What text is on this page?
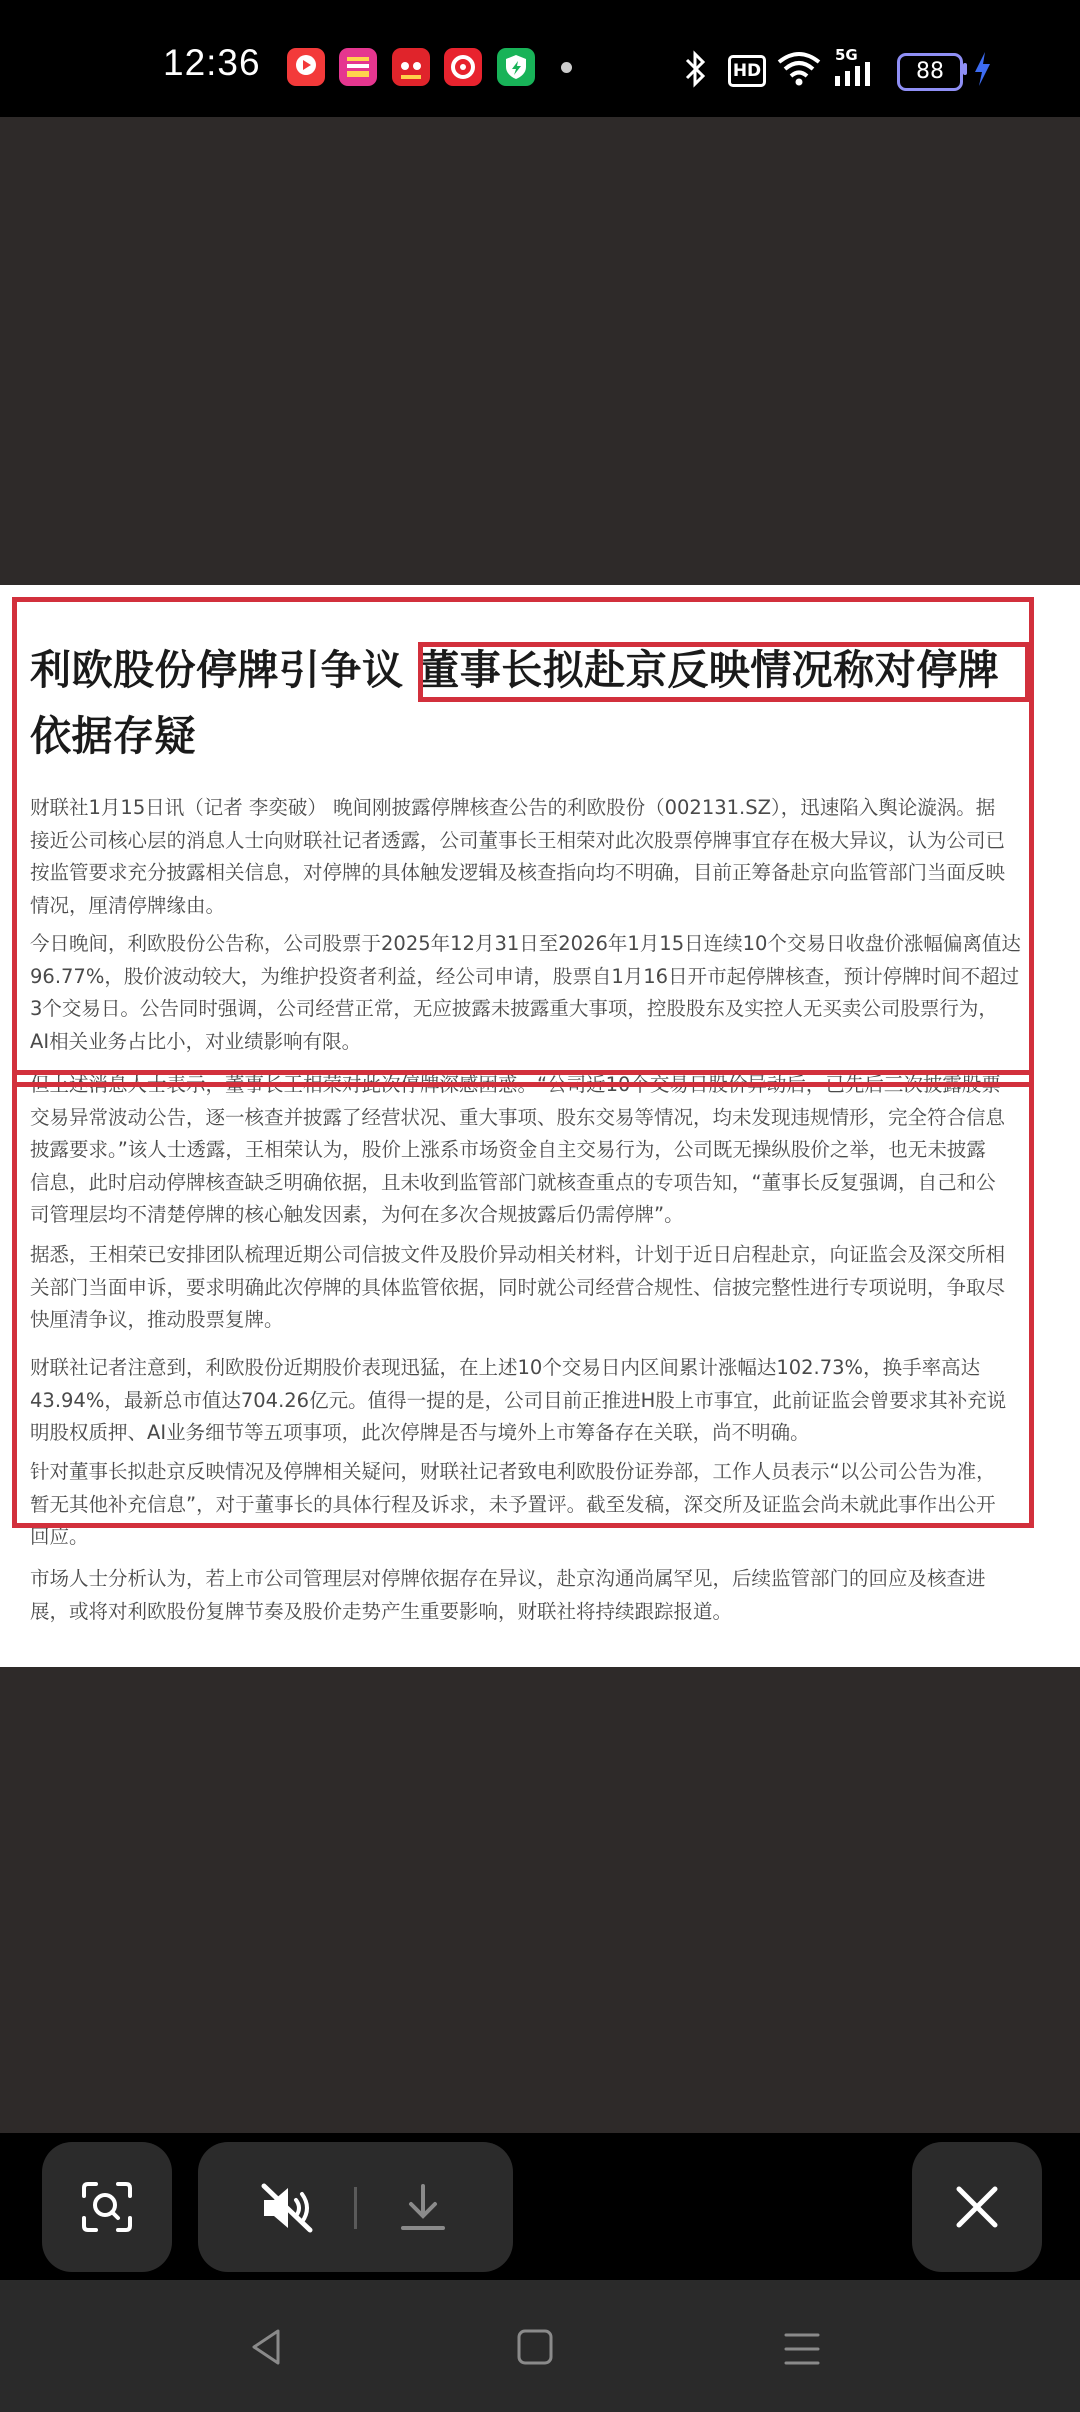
12:36	HD
5G
88
利欧股份停牌引争议 董事长拟赴京反映情况称对停牌
依据存疑
财联社1月15日讯（记者 李奕破） 晚间刚披露停牌核查公告的利欧股份（002131.SZ），迅速陷入舆论漩涡。据
接近公司核心层的消息人士向财联社记者透露，公司董事长王相荣对此次股票停牌事宜存在极大异议，认为公司已
按监管要求充分披露相关信息，对停牌的具体触发逻辑及核查指向均不明确，目前正筹备赴京向监管部门当面反映
情况，厘清停牌缘由。
今日晚间，利欧股份公告称，公司股票于2025年12月31日至2026年1月15日连续10个交易日收盘价涨幅偏离值达
96.77%，股价波动较大，为维护投资者利益，经公司申请，股票自1月16日开市起停牌核查，预计停牌时间不超过
3个交易日。公告同时强调，公司经营正常，无应披露未披露重大事项，控股股东及实控人无买卖公司股票行为，
AI相关业务占比小，对业绩影响有限。
但上述消息人士表示，董事长王相荣对此次停牌深感困惑。“公司近10个交易日股价异动后，已先后三次披露股票
交易异常波动公告，逐一核查并披露了经营状况、重大事项、股东交易等情况，均未发现违规情形，完全符合信息
披露要求。”该人士透露，王相荣认为，股价上涨系市场资金自主交易行为，公司既无操纵股价之举，也无未披露
信息，此时启动停牌核查缺乏明确依据，且未收到监管部门就核查重点的专项告知，“董事长反复强调，自己和公
司管理层均不清楚停牌的核心触发因素，为何在多次合规披露后仍需停牌”。
据悉，王相荣已安排团队梳理近期公司信披文件及股价异动相关材料，计划于近日启程赴京，向证监会及深交所相
关部门当面申诉，要求明确此次停牌的具体监管依据，同时就公司经营合规性、信披完整性进行专项说明，争取尽
快厘清争议，推动股票复牌。
财联社记者注意到，利欧股份近期股价表现迅猛，在上述10个交易日内区间累计涨幅达102.73%，换手率高达
43.94%，最新总市值达704.26亿元。值得一提的是，公司目前正推进H股上市事宜，此前证监会曾要求其补充说
明股权质押、AI业务细节等五项事项，此次停牌是否与境外上市筹备存在关联，尚不明确。
针对董事长拟赴京反映情况及停牌相关疑问，财联社记者致电利欧股份证券部，工作人员表示“以公司公告为准，
暂无其他补充信息”，对于董事长的具体行程及诉求，未予置评。截至发稿，深交所及证监会尚未就此事作出公开
回应。
市场人士分析认为，若上市公司管理层对停牌依据存在异议，赴京沟通尚属罕见，后续监管部门的回应及核查进
展，或将对利欧股份复牌节奏及股价走势产生重要影响，财联社将持续跟踪报道。
